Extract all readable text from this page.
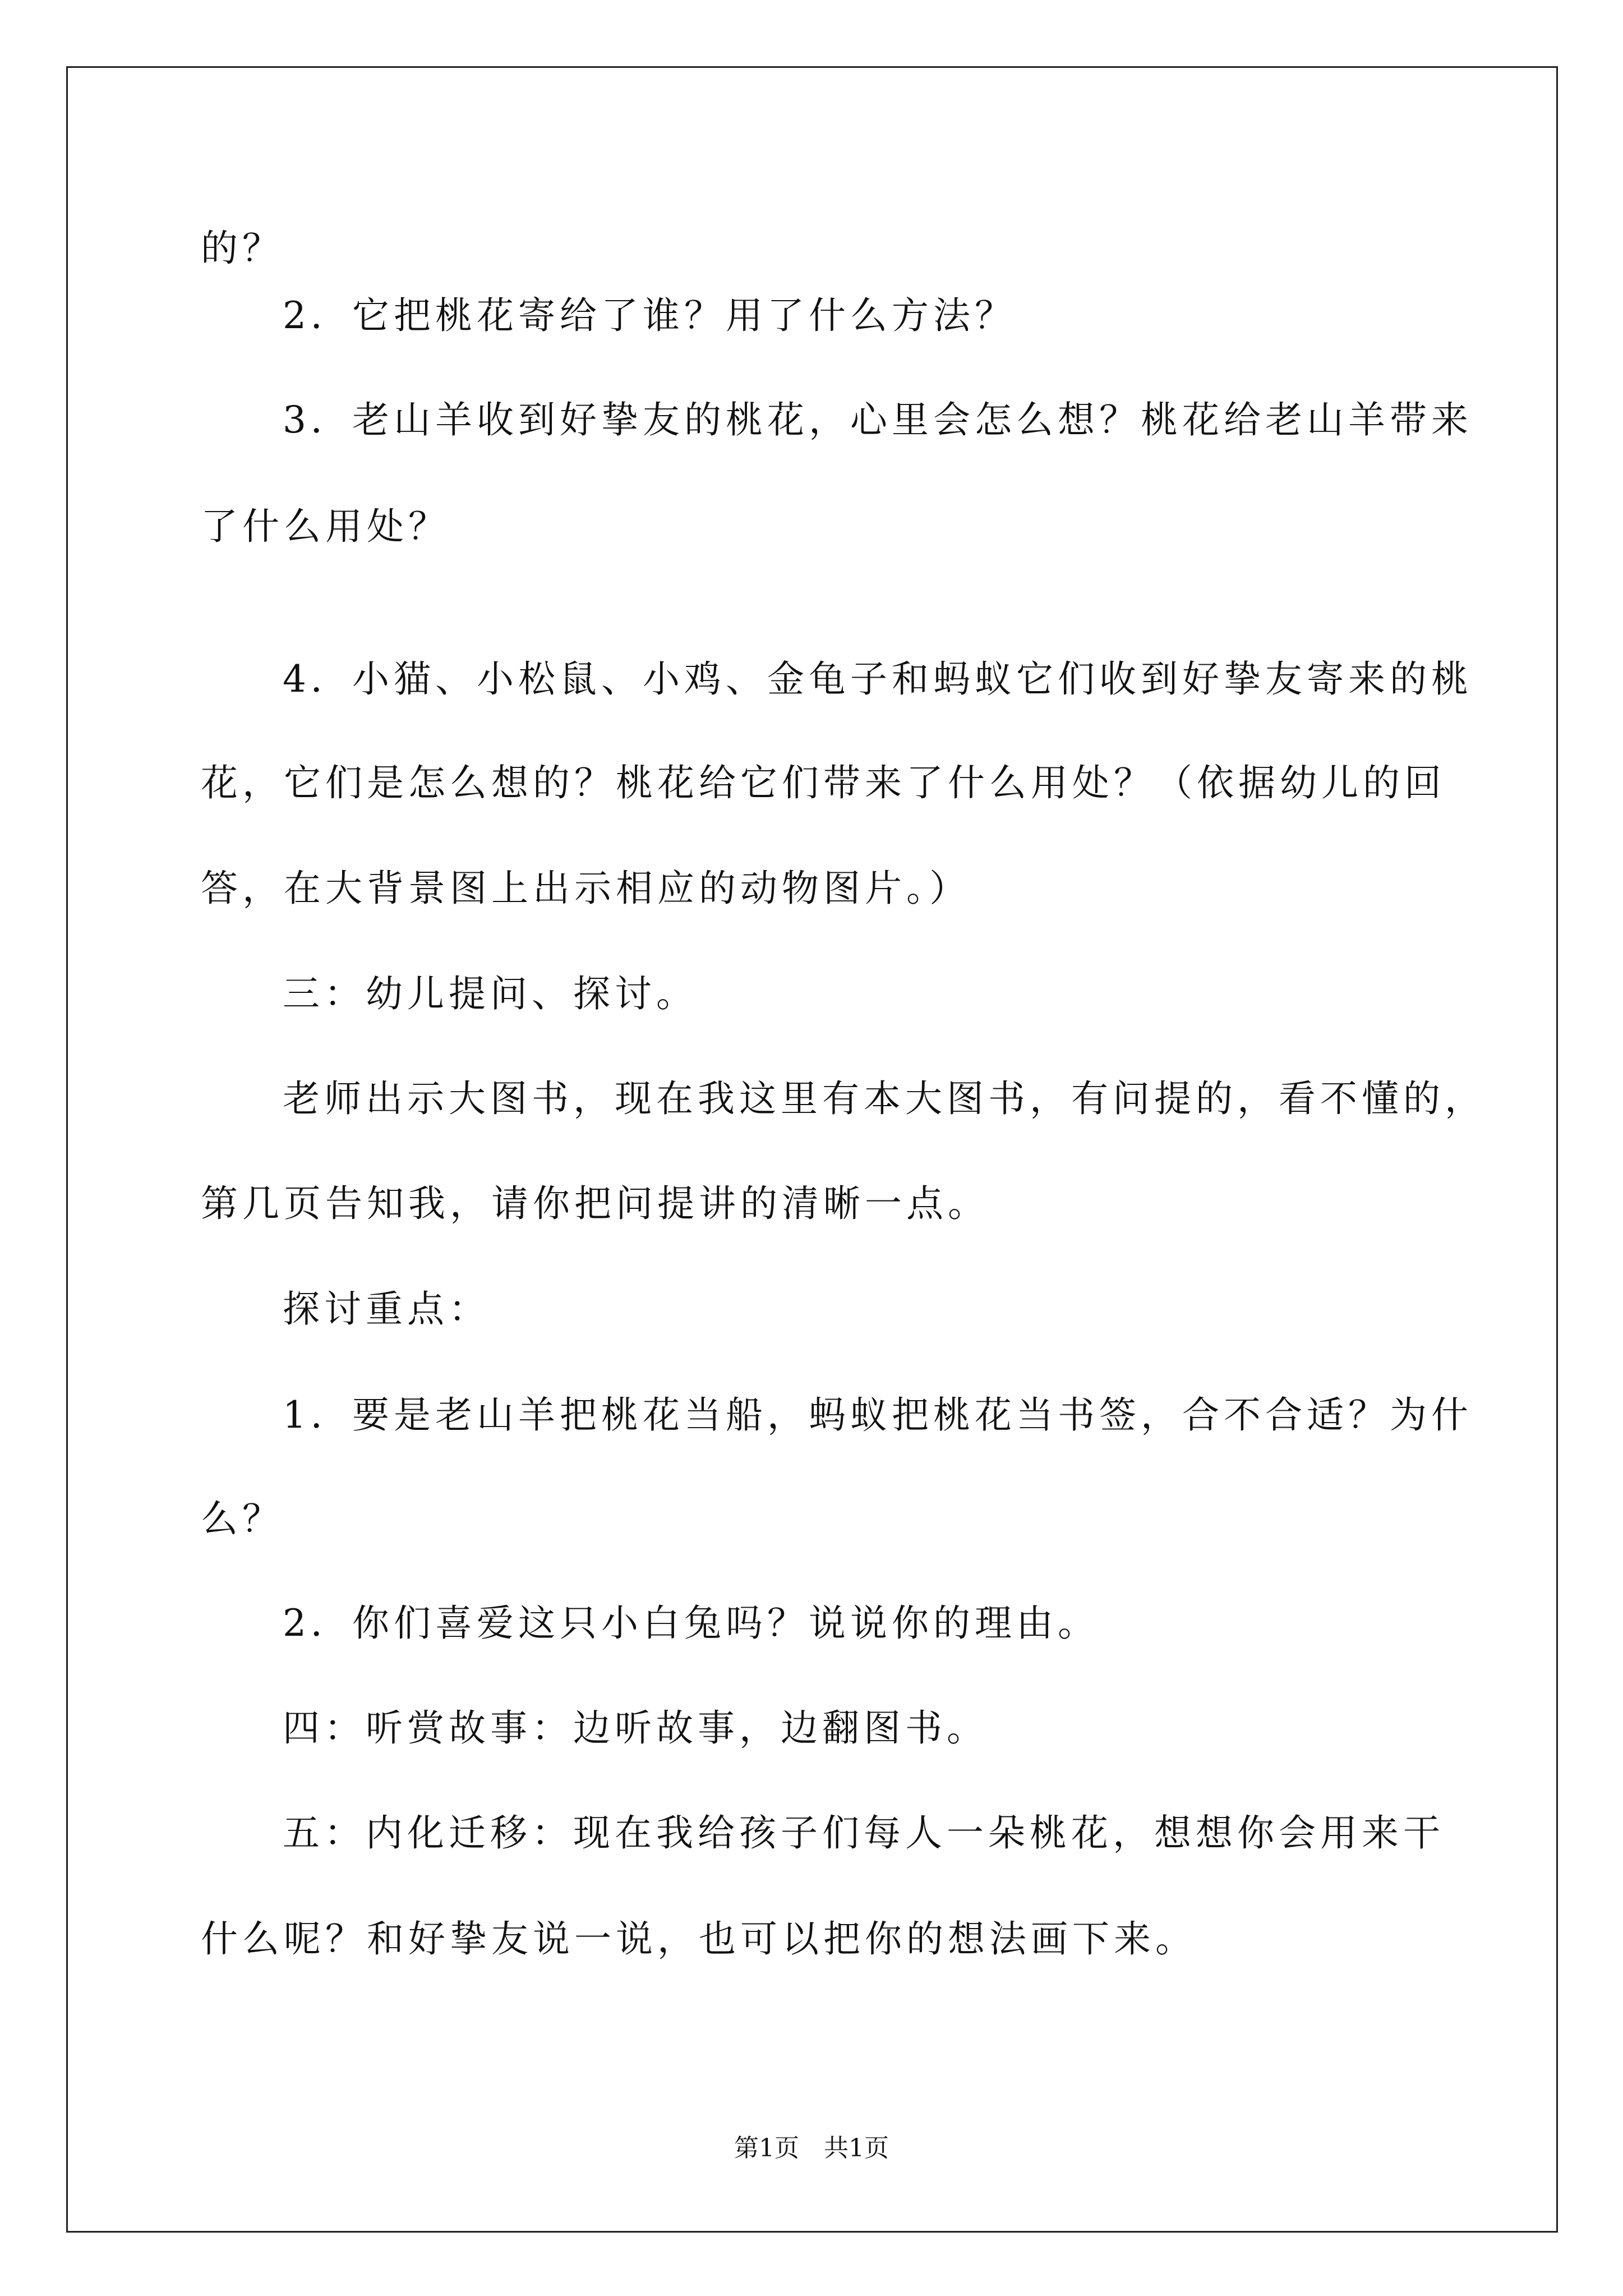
的？
2．它把桃花寄给了谁？用了什么方法？
3．老山羊收到好挚友的桃花，心里会怎么想？桃花给老山羊带来
了什么用处？
4．小猫、小松鼠、小鸡、金龟子和蚂蚁它们收到好挚友寄来的桃
花，它们是怎么想的？桃花给它们带来了什么用处？（依据幼儿的回
答，在大背景图上出示相应的动物图片。）
三：幼儿提问、探讨。
老师出示大图书，现在我这里有本大图书，有问提的，看不懂的，
第几页告知我，请你把问提讲的清晰一点。
探讨重点：
1．要是老山羊把桃花当船，蚂蚁把桃花当书签，合不合适？为什
么？
2．你们喜爱这只小白兔吗？说说你的理由。
四：听赏故事：边听故事，边翻图书。
五：内化迁移：现在我给孩子们每人一朵桃花，想想你会用来干
什么呢？和好挚友说一说，也可以把你的想法画下来。
第1页　共1页
